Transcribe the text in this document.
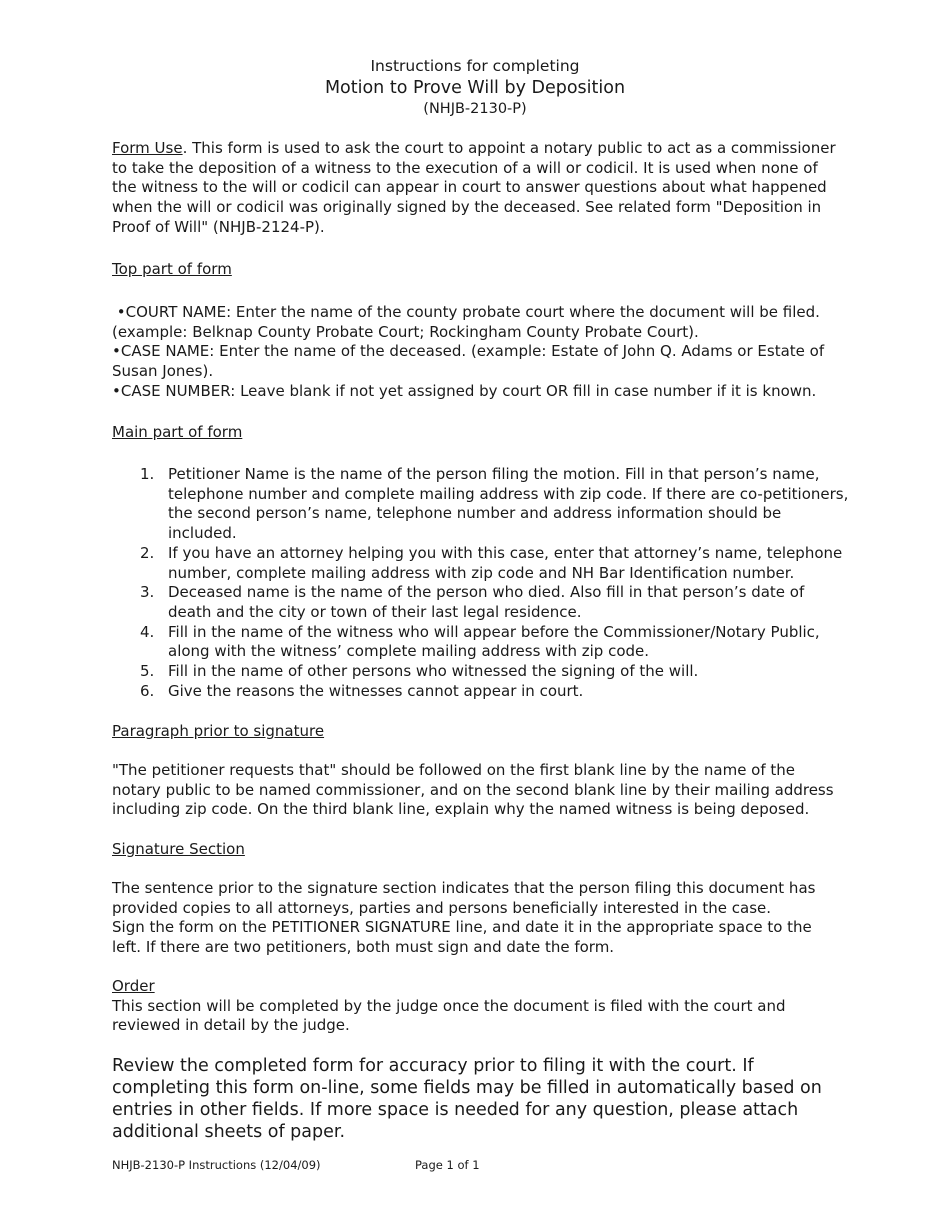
Instructions for completing
Motion to Prove Will by Deposition
(NHJB-2130-P)
Form Use. This form is used to ask the court to appoint a notary public to act as a commissioner to take the deposition of a witness to the execution of a will or codicil. It is used when none of the witness to the will or codicil can appear in court to answer questions about what happened when the will or codicil was originally signed by the deceased. See related form "Deposition in Proof of Will" (NHJB-2124-P).
Top part of form
•COURT NAME: Enter the name of the county probate court where the document will be filed. (example: Belknap County Probate Court; Rockingham County Probate Court).
•CASE NAME: Enter the name of the deceased. (example: Estate of John Q. Adams or Estate of Susan Jones).
•CASE NUMBER: Leave blank if not yet assigned by court OR fill in case number if it is known.
Main part of form
1. Petitioner Name is the name of the person filing the motion. Fill in that person’s name, telephone number and complete mailing address with zip code. If there are co-petitioners, the second person’s name, telephone number and address information should be included.
2. If you have an attorney helping you with this case, enter that attorney’s name, telephone number, complete mailing address with zip code and NH Bar Identification number.
3. Deceased name is the name of the person who died. Also fill in that person’s date of death and the city or town of their last legal residence.
4. Fill in the name of the witness who will appear before the Commissioner/Notary Public, along with the witness’ complete mailing address with zip code.
5. Fill in the name of other persons who witnessed the signing of the will.
6. Give the reasons the witnesses cannot appear in court.
Paragraph prior to signature
"The petitioner requests that" should be followed on the first blank line by the name of the notary public to be named commissioner, and on the second blank line by their mailing address including zip code. On the third blank line, explain why the named witness is being deposed.
Signature Section
The sentence prior to the signature section indicates that the person filing this document has provided copies to all attorneys, parties and persons beneficially interested in the case.
Sign the form on the PETITIONER SIGNATURE line, and date it in the appropriate space to the left. If there are two petitioners, both must sign and date the form.
Order
This section will be completed by the judge once the document is filed with the court and reviewed in detail by the judge.
Review the completed form for accuracy prior to filing it with the court. If completing this form on-line, some fields may be filled in automatically based on entries in other fields. If more space is needed for any question, please attach additional sheets of paper.
NHJB-2130-P Instructions (12/04/09)	Page 1 of 1
